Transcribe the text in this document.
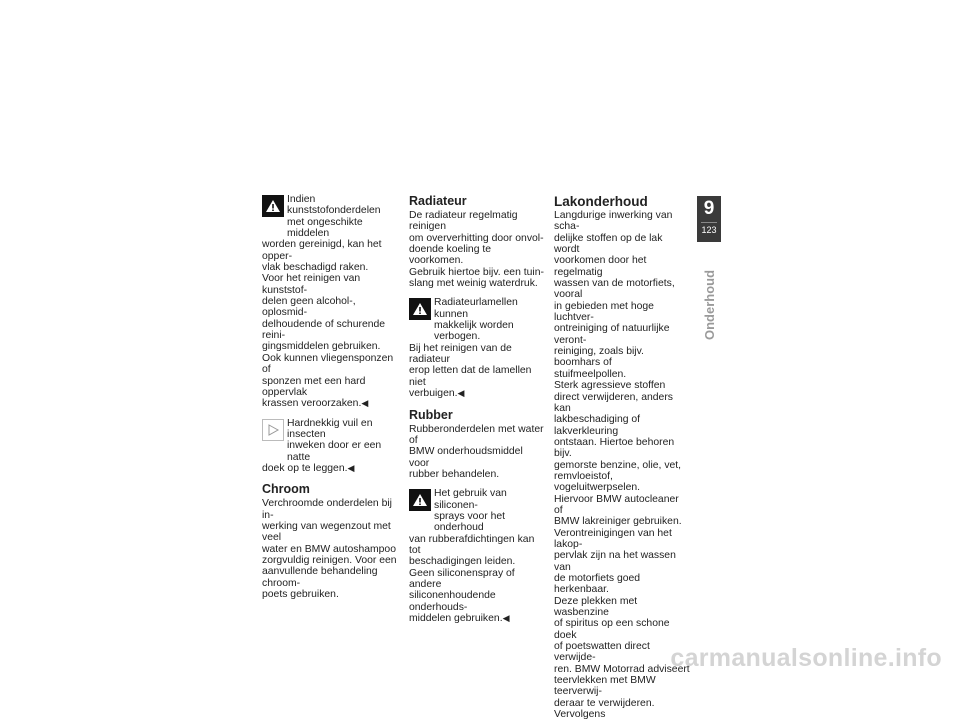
Indien kunststofonderdelen

met ongeschikte middelen

worden gereinigd, kan het opper-

vlak beschadigd raken.

Voor het reinigen van kunststof-

delen geen alcohol-, oplosmid-

delhoudende of schurende reini-

gingsmiddelen gebruiken.

Ook kunnen vliegensponzen of

sponzen met een hard oppervlak

krassen veroorzaken.◀

Hardnekkig vuil en insecten

inweken door er een natte

doek op te leggen.◀

Chroom

Verchroomde onderdelen bij in-

werking van wegenzout met veel

water en BMW autoshampoo

zorgvuldig reinigen. Voor een

aanvullende behandeling chroom-

poets gebruiken.

Radiateur

De radiateur regelmatig reinigen

om oververhitting door onvol-

doende koeling te voorkomen.

Gebruik hiertoe bijv. een tuin-

slang met weinig waterdruk.

Radiateurlamellen kunnen

makkelijk worden verbogen.

Bij het reinigen van de radiateur

erop letten dat de lamellen niet

verbuigen.◀

Rubber

Rubberonderdelen met water of

BMW onderhoudsmiddel voor

rubber behandelen.

Het gebruik van siliconen-

sprays voor het onderhoud

van rubberafdichtingen kan tot

beschadigingen leiden.

Geen siliconenspray of andere

siliconenhoudende onderhouds-

middelen gebruiken.◀

Lakonderhoud

Langdurige inwerking van scha-

delijke stoffen op de lak wordt

voorkomen door het regelmatig

wassen van de motorfiets, vooral

in gebieden met hoge luchtver-

ontreiniging of natuurlijke veront-

reiniging, zoals bijv. boomhars of

stuifmeelpollen.

Sterk agressieve stoffen

direct verwijderen, anders kan

lakbeschadiging of lakverkleuring

ontstaan. Hiertoe behoren bijv.

gemorste benzine, olie, vet,

remvloeistof, vogeluitwerpselen.

Hiervoor BMW autocleaner of

BMW lakreiniger gebruiken.

Verontreinigingen van het lakop-

pervlak zijn na het wassen van

de motorfiets goed herkenbaar.

Deze plekken met wasbenzine

of spiritus op een schone doek

of poetswatten direct verwijde-

ren. BMW Motorrad adviseert

teervlekken met BMW teerverwij-

deraar te verwijderen. Vervolgens

9
123
Onderhoud
carmanualsonline.info
